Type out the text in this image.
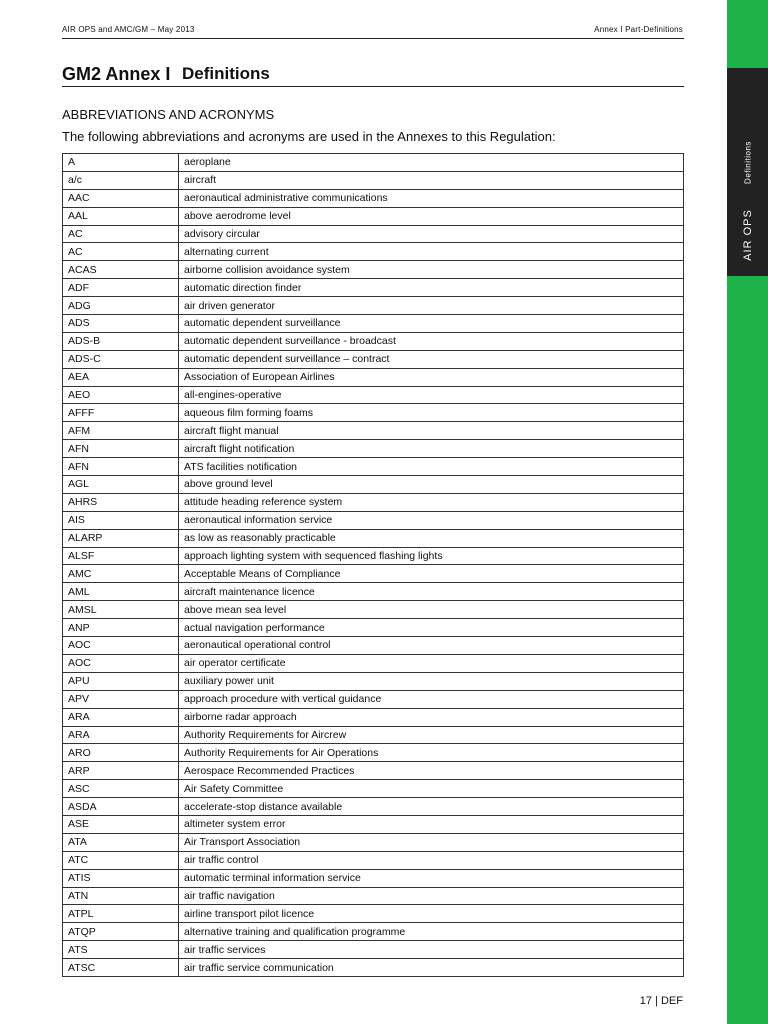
AIR OPS and AMC/GM – May 2013	Annex I Part-Definitions
GM2 Annex I Definitions
ABBREVIATIONS AND ACRONYMS
The following abbreviations and acronyms are used in the Annexes to this Regulation:
A	aeroplane
a/c	aircraft
AAC	aeronautical administrative communications
AAL	above aerodrome level
AC	advisory circular
AC	alternating current
ACAS	airborne collision avoidance system
ADF	automatic direction finder
ADG	air driven generator
ADS	automatic dependent surveillance
ADS-B	automatic dependent surveillance - broadcast
ADS-C	automatic dependent surveillance – contract
AEA	Association of European Airlines
AEO	all-engines-operative
AFFF	aqueous film forming foams
AFM	aircraft flight manual
AFN	aircraft flight notification
AFN	ATS facilities notification
AGL	above ground level
AHRS	attitude heading reference system
AIS	aeronautical information service
ALARP	as low as reasonably practicable
ALSF	approach lighting system with sequenced flashing lights
AMC	Acceptable Means of Compliance
AML	aircraft maintenance licence
AMSL	above mean sea level
ANP	actual navigation performance
AOC	aeronautical operational control
AOC	air operator certificate
APU	auxiliary power unit
APV	approach procedure with vertical guidance
ARA	airborne radar approach
ARA	Authority Requirements for Aircrew
ARO	Authority Requirements for Air Operations
ARP	Aerospace Recommended Practices
ASC	Air Safety Committee
ASDA	accelerate-stop distance available
ASE	altimeter system error
ATA	Air Transport Association
ATC	air traffic control
ATIS	automatic terminal information service
ATN	air traffic navigation
ATPL	airline transport pilot licence
ATQP	alternative training and qualification programme
ATS	air traffic services
ATSC	air traffic service communication
17 | DEF
Definitions
AIR OPS
